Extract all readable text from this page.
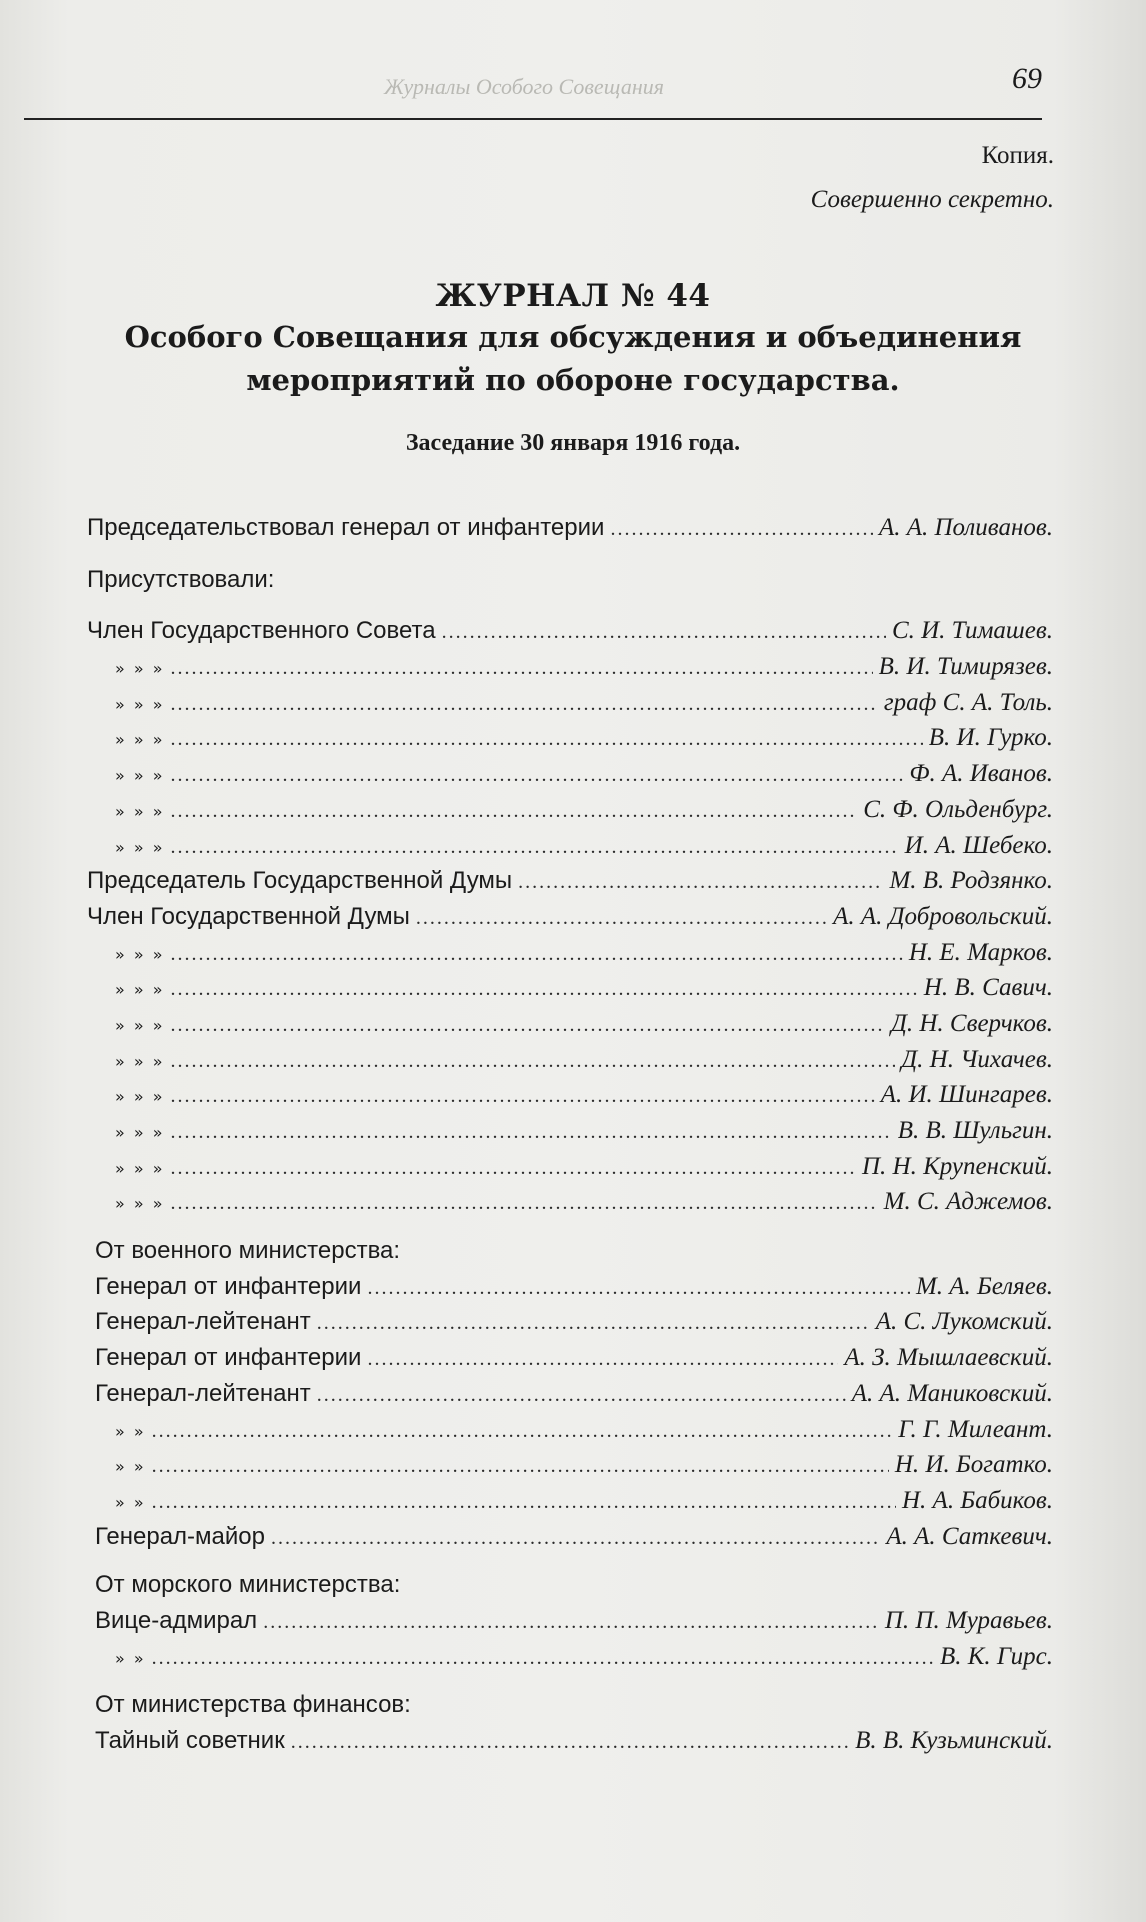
Журналы Особого Совещания	69
Копия.
Совершенно секретно.
ЖУРНАЛ № 44
Особого Совещания для обсуждения и объединения
мероприятий по обороне государства.
Заседание 30 января 1916 года.
Председательствовал генерал от инфантерии .....	А. А. Поливанов.
Присутствовали:
Член Государственного Совета .....	С. И. Тимашев.
» » » .....	В. И. Тимирязев.
» » » .....	граф С. А. Толь.
» » » .....	В. И. Гурко.
» » » .....	Ф. А. Иванов.
» » » .....	С. Ф. Ольденбург.
» » » .....	И. А. Шебеко.
Председатель Государственной Думы .....	М. В. Родзянко.
Член Государственной Думы .....	А. А. Добровольский.
» » » .....	Н. Е. Марков.
» » » .....	Н. В. Савич.
» » » .....	Д. Н. Сверчков.
» » » .....	Д. Н. Чихачев.
» » » .....	А. И. Шингарев.
» » » .....	В. В. Шульгин.
» » » .....	П. Н. Крупенский.
» » » .....	М. С. Аджемов.
От военного министерства:
Генерал от инфантерии .....	М. А. Беляев.
Генерал-лейтенант .....	А. С. Лукомский.
Генерал от инфантерии .....	А. З. Мышлаевский.
Генерал-лейтенант .....	А. А. Маниковский.
» » .....	Г. Г. Милеант.
» » .....	Н. И. Богатко.
» » .....	Н. А. Бабиков.
Генерал-майор .....	А. А. Саткевич.
От морского министерства:
Вице-адмирал .....	П. П. Муравьев.
» » .....	В. К. Гирс.
От министерства финансов:
Тайный советник .....	В. В. Кузьминский.
